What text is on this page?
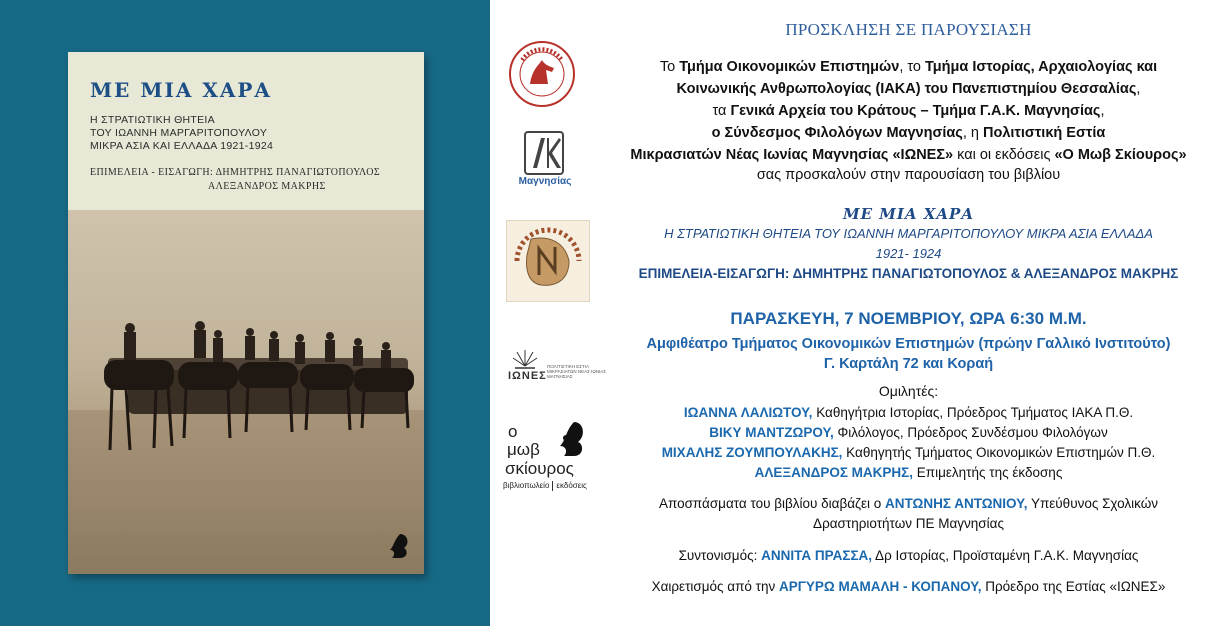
ΜΕ ΜΙΑ ΧΑΡΑ
Η ΣΤΡΑΤΙΩΤΙΚΗ ΘΗΤΕΙΑ
ΤΟΥ ΙΩΑΝΝΗ ΜΑΡΓΑΡΙΤΟΠΟΥΛΟΥ
ΜΙΚΡΑ ΑΣΙΑ ΚΑΙ ΕΛΛΑΔΑ 1921-1924
ΕΠΙΜΕΛΕΙΑ - ΕΙΣΑΓΩΓΗ: ΔΗΜΗΤΡΗΣ ΠΑΝΑΓΙΩΤΟΠΟΥΛΟΣ
ΑΛΕΞΑΝΔΡΟΣ ΜΑΚΡΗΣ	Μαγνησίας
ΙΩΝΕΣ
ΠΟΛΙΤΙΣΤΙΚΗ ΕΣΤΙΑ ΜΙΚΡΑΣΙΑΤΩΝ ΝΕΑΣ ΙΩΝΙΑΣ ΜΑΓΝΗΣΙΑΣ
ο
μωβ
σκίουρος
βιβλιοπωλείο εκδόσεις
ΠΡΟΣΚΛΗΣΗ ΣΕ ΠΑΡΟΥΣΙΑΣΗ
Το Τμήμα Οικονομικών Επιστημών, το Τμήμα Ιστορίας, Αρχαιολογίας και
Κοινωνικής Ανθρωπολογίας (ΙΑΚΑ) του Πανεπιστημίου Θεσσαλίας,
τα Γενικά Αρχεία του Κράτους – Τμήμα Γ.Α.Κ. Μαγνησίας,
ο Σύνδεσμος Φιλολόγων Μαγνησίας, η Πολιτιστική Εστία
Μικρασιατών Νέας Ιωνίας Μαγνησίας «ΙΩΝΕΣ» και οι εκδόσεις «Ο Μωβ Σκίουρος»
σας προσκαλούν στην παρουσίαση του βιβλίου
ΜΕ ΜΙΑ ΧΑΡΑ
Η ΣΤΡΑΤΙΩΤΙΚΗ ΘΗΤΕΙΑ ΤΟΥ ΙΩΑΝΝΗ ΜΑΡΓΑΡΙΤΟΠΟΥΛΟΥ ΜΙΚΡΑ ΑΣΙΑ ΕΛΛΑΔΑ
1921- 1924
ΕΠΙΜΕΛΕΙΑ-ΕΙΣΑΓΩΓΗ: ΔΗΜΗΤΡΗΣ ΠΑΝΑΓΙΩΤΟΠΟΥΛΟΣ & ΑΛΕΞΑΝΔΡΟΣ ΜΑΚΡΗΣ
ΠΑΡΑΣΚΕΥΗ, 7 ΝΟΕΜΒΡΙΟΥ, ΩΡΑ 6:30 Μ.Μ.
Αμφιθέατρο Τμήματος Οικονομικών Επιστημών (πρώην Γαλλικό Ινστιτούτο)
Γ. Καρτάλη 72 και Κοραή
Ομιλητές:
ΙΩΑΝΝΑ ΛΑΛΙΩΤΟΥ, Καθηγήτρια Ιστορίας, Πρόεδρος Τμήματος ΙΑΚΑ Π.Θ.
ΒΙΚΥ ΜΑΝΤΖΩΡΟΥ, Φιλόλογος, Πρόεδρος Συνδέσμου Φιλολόγων
ΜΙΧΑΛΗΣ ΖΟΥΜΠΟΥΛΑΚΗΣ, Καθηγητής Τμήματος Οικονομικών Επιστημών Π.Θ.
ΑΛΕΞΑΝΔΡΟΣ ΜΑΚΡΗΣ, Επιμελητής της έκδοσης
Αποσπάσματα του βιβλίου διαβάζει ο ΑΝΤΩΝΗΣ ΑΝΤΩΝΙΟΥ, Υπεύθυνος Σχολικών
Δραστηριοτήτων ΠΕ Μαγνησίας
Συντονισμός: ΑΝΝΙΤΑ ΠΡΑΣΣΑ, Δρ Ιστορίας, Προϊσταμένη Γ.Α.Κ. Μαγνησίας
Χαιρετισμός από την ΑΡΓΥΡΩ ΜΑΜΑΛΗ - ΚΟΠΑΝΟΥ, Πρόεδρο της Εστίας «ΙΩΝΕΣ»
